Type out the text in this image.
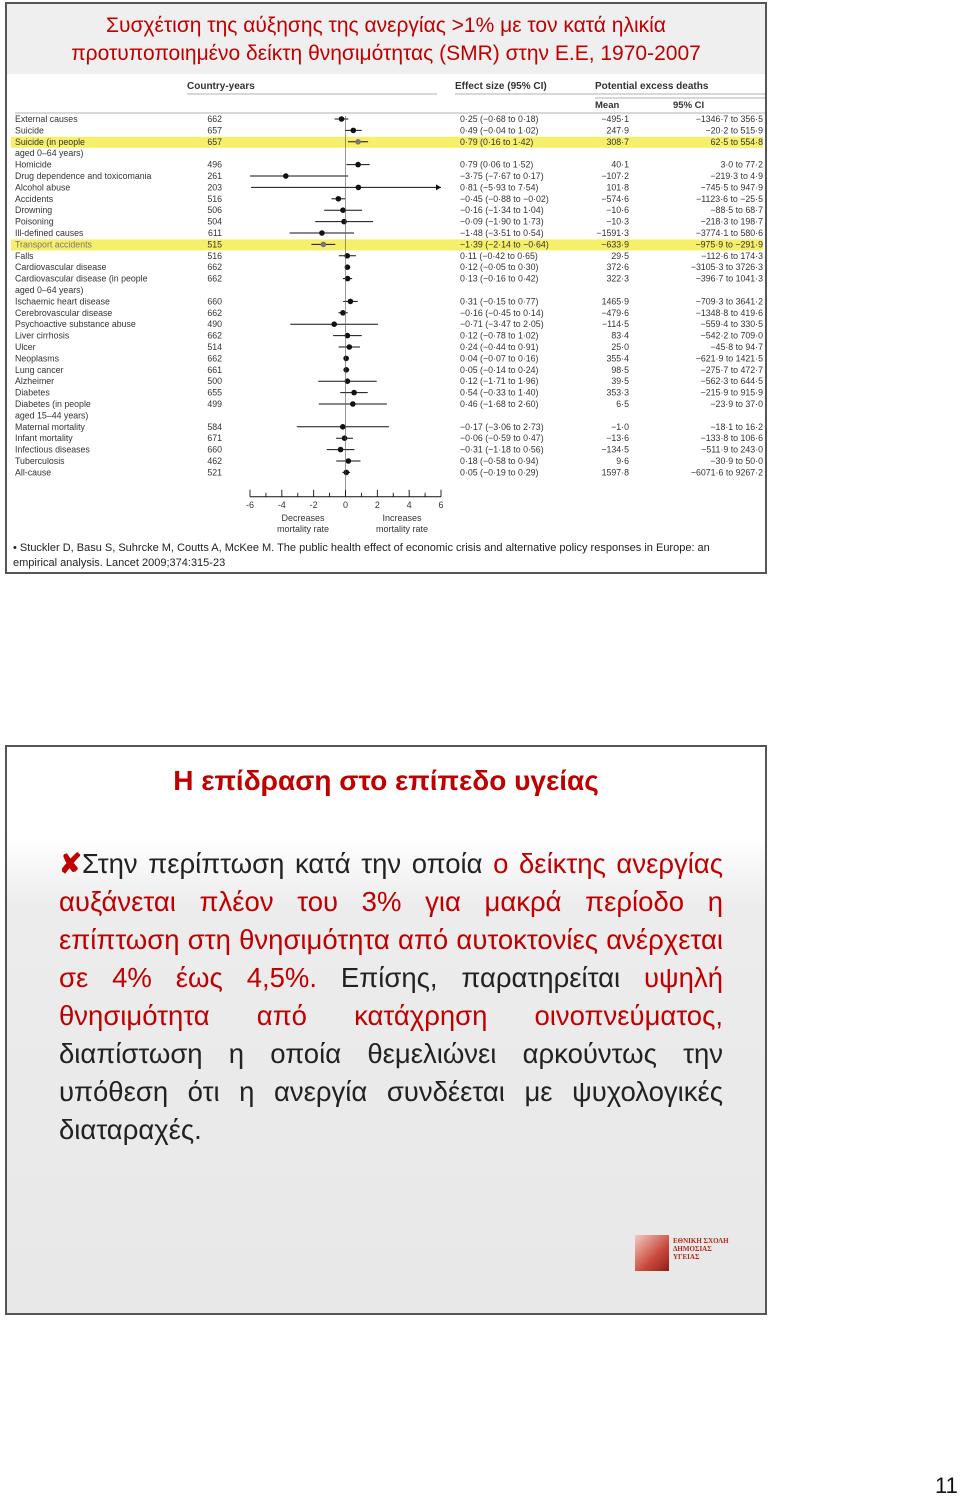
Συσχέτιση της αύξησης της ανεργίας >1% με τον κατά ηλικία
προτυποποιημένο δείκτη θνησιμότητας (SMR) στην Ε.Ε, 1970-2007
Country-years	Effect size (95% CI)	Potential excess deaths
Mean	95% CI
External causes	662	0·25 (−0·68 to 0·18)	−495·1	−1346·7 to 356·5
Suicide	657	0·49 (−0·04 to 1·02)	247·9	−20·2 to 515·9
Suicide (in people
aged 0–64 years)
657	0·79 (0·16 to 1·42)	308·7	62·5 to 554·8
Homicide	496	0·79 (0·06 to 1·52)	40·1	3·0 to 77·2
Drug dependence and toxicomania	261	−3·75 (−7·67 to 0·17)	−107·2	−219·3 to 4·9
Alcohol abuse	203	0·81 (−5·93 to 7·54)	101·8	−745·5 to 947·9
Accidents	516	−0·45 (−0·88 to −0·02)	−574·6	−1123·6 to −25·5
Drowning	506	−0·16 (−1·34 to 1·04)	−10·6	−88·5 to 68·7
Poisoning	504	−0·09 (−1·90 to 1·73)	−10·3	−218·3 to 198·7
Ill-defined causes	611	−1·48 (−3·51 to 0·54)	−1591·3	−3774·1 to 580·6
Transport accidents	515	−1·39 (−2·14 to −0·64)	−633·9	−975·9 to −291·9
Falls	516	0·11 (−0·42 to 0·65)	29·5	−112·6 to 174·3
Cardiovascular disease	662	0·12 (−0·05 to 0·30)	372·6	−3105·3 to 3726·3
Cardiovascular disease (in people
aged 0–64 years)
662	0·13 (−0·16 to 0·42)	322·3	−396·7 to 1041·3
Ischaemic heart disease	660	0·31 (−0·15 to 0·77)	1465·9	−709·3 to 3641·2
Cerebrovascular disease	662	−0·16 (−0·45 to 0·14)	−479·6	−1348·8 to 419·6
Psychoactive substance abuse	490	−0·71 (−3·47 to 2·05)	−114·5	−559·4 to 330·5
Liver cirrhosis	662	0·12 (−0·78 to 1·02)	83·4	−542·2 to 709·0
Ulcer	514	0·24 (−0·44 to 0·91)	25·0	−45·8 to 94·7
Neoplasms	662	0·04 (−0·07 to 0·16)	355·4	−621·9 to 1421·5
Lung cancer	661	0·05 (−0·14 to 0·24)	98·5	−275·7 to 472·7
Alzheimer	500	0·12 (−1·71 to 1·96)	39·5	−562·3 to 644·5
Diabetes	655	0·54 (−0·33 to 1·40)	353·3	−215·9 to 915·9
Diabetes (in people
aged 15–44 years)
499	0·46 (−1·68 to 2·60)	6·5	−23·9 to 37·0
Maternal mortality	584	−0·17 (−3·06 to 2·73)	−1·0	−18·1 to 16·2
Infant mortality	671	−0·06 (−0·59 to 0·47)	−13·6	−133·8 to 106·6
Infectious diseases	660	−0·31 (−1·18 to 0·56)	−134·5	−511·9 to 243·0
Tuberculosis	462	0·18 (−0·58 to 0·94)	9·6	−30·9 to 50·0
All-cause	521	0·05 (−0·19 to 0·29)	1597·8	−6071·6 to 9267·2
-6	-4	-2	0	2	4	6
Decreases
mortality rate
Increases
mortality rate
• Stuckler D, Basu S, Suhrcke M, Coutts A, McKee M. The public health effect of economic crisis and alternative policy responses in Europe: an empirical analysis. Lancet 2009;374:315-23
Η επίδραση στο επίπεδο υγείας
✘Στην περίπτωση κατά την οποία ο δείκτης ανεργίας αυξάνεται πλέον του 3% για μακρά περίοδο η επίπτωση στη θνησιμότητα από αυτοκτονίες ανέρχεται σε 4% έως 4,5%. Επίσης, παρατηρείται υψηλή θνησιμότητα από κατάχρηση οινοπνεύματος, διαπίστωση η οποία θεμελιώνει αρκούντως την υπόθεση ότι η ανεργία συνδέεται με ψυχολογικές διαταραχές.
ΕΘΝΙΚΗ ΣΧΟΛΗ ΔΗΜΟΣΙΑΣ ΥΓΕΙΑΣ
11
